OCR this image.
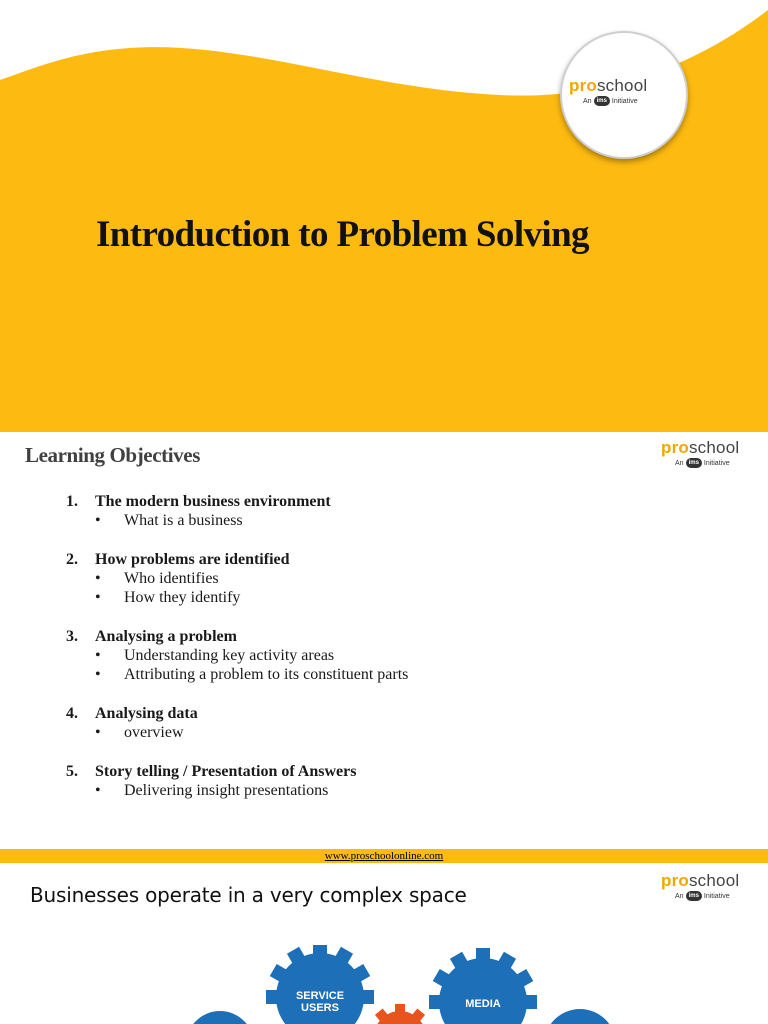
proschool
An ims Initiative
Introduction to Problem Solving
Learning Objectives	proschool
An ims Initiative
1.	The modern business environment
•	What is a business
2.	How problems are identified
•	Who identifies
•	How they identify
3.	Analysing a problem
•	Understanding key activity areas
•	Attributing a problem to its constituent parts
4.	Analysing data
•	overview
5.	Story telling / Presentation of Answers
•	Delivering insight presentations
www.proschoolonline.com
Businesses operate in a very complex space
proschool
An ims Initiative
SERVICE USERS	MEDIA
